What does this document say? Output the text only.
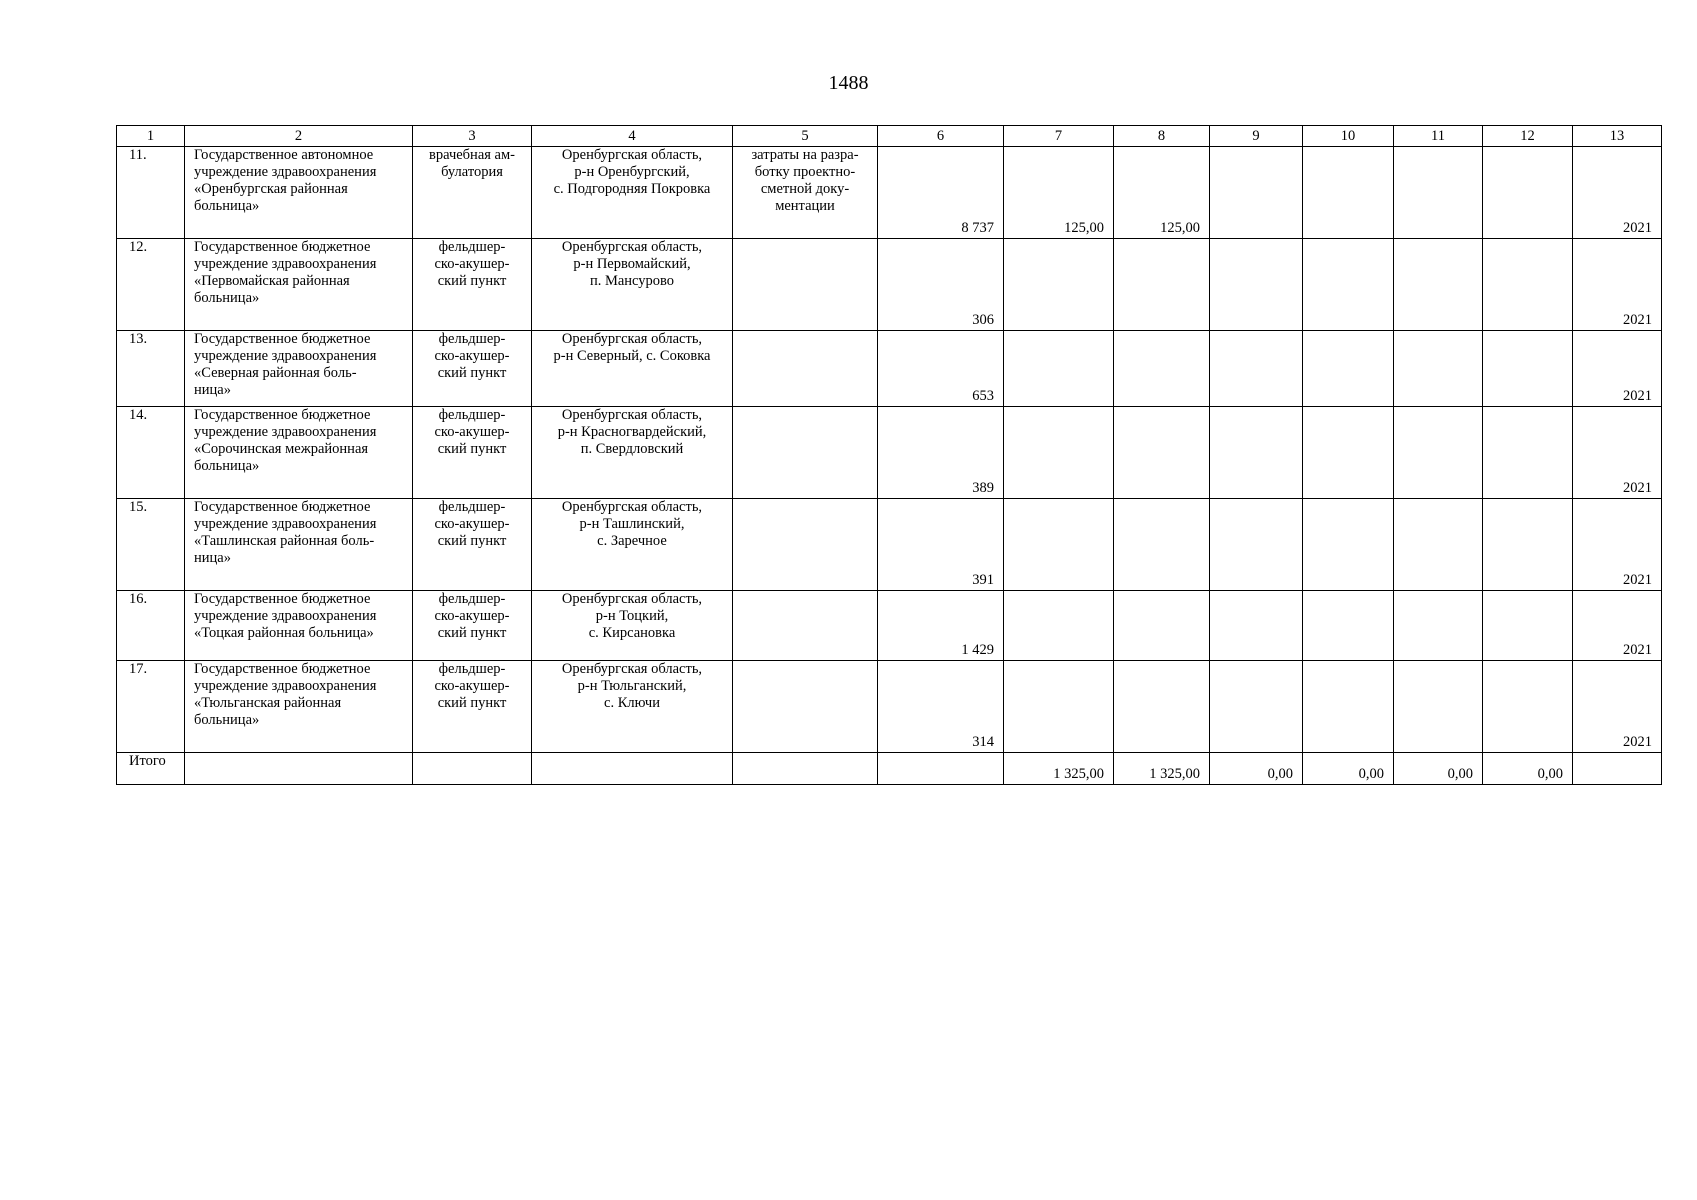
1488
1	2	3	4	5	6	7	8	9	10	11	12	13
11.	Государственное автономное
учреждение здравоохранения
«Оренбургская районная
больница»	врачебная ам-
булатория	Оренбургская область,
р-н Оренбургский,
с. Подгородняя Покровка	затраты на разра-
ботку проектно-
сметной доку-
ментации	8 737	125,00	125,00					2021
12.	Государственное бюджетное
учреждение здравоохранения
«Первомайская районная
больница»	фельдшер-
ско-акушер-
ский пункт	Оренбургская область,
р-н Первомайский,
п. Мансурово		306							2021
13.	Государственное бюджетное
учреждение здравоохранения
«Северная районная боль-
ница»	фельдшер-
ско-акушер-
ский пункт	Оренбургская область,
р-н Северный, с. Соковка		653							2021
14.	Государственное бюджетное
учреждение здравоохранения
«Сорочинская межрайонная
больница»	фельдшер-
ско-акушер-
ский пункт	Оренбургская область,
р-н Красногвардейский,
п. Свердловский		389							2021
15.	Государственное бюджетное
учреждение здравоохранения
«Ташлинская районная боль-
ница»	фельдшер-
ско-акушер-
ский пункт	Оренбургская область,
р-н Ташлинский,
с. Заречное		391							2021
16.	Государственное бюджетное
учреждение здравоохранения
«Тоцкая районная больница»	фельдшер-
ско-акушер-
ский пункт	Оренбургская область,
р-н Тоцкий,
с. Кирсановка		1 429							2021
17.	Государственное бюджетное
учреждение здравоохранения
«Тюльганская районная
больница»	фельдшер-
ско-акушер-
ский пункт	Оренбургская область,
р-н Тюльганский,
с. Ключи		314							2021
Итого						1 325,00	1 325,00	0,00	0,00	0,00	0,00	
